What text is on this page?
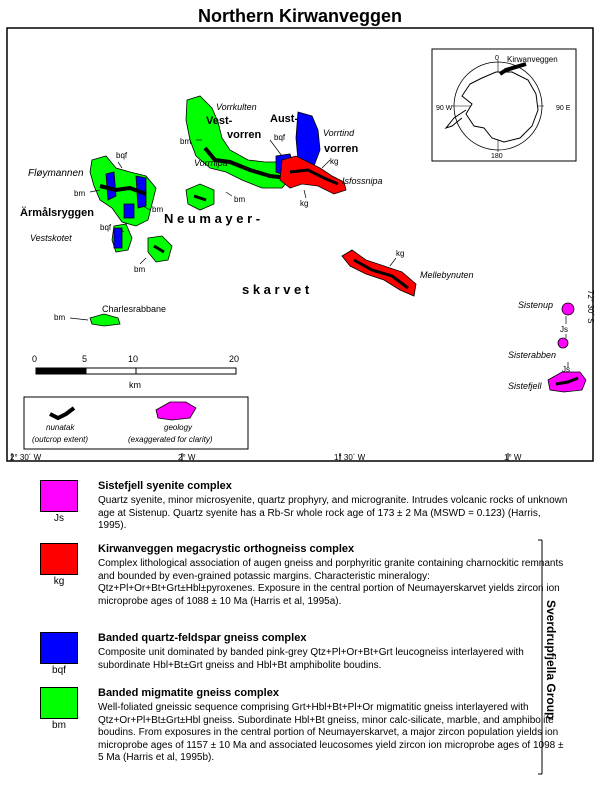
Northern Kirwanveggen
Vorrkulten
Vest-
vorren
Aust-
vorren
Vorrtind
Vorrnipa
Isfossnipa
Fløymannen
Ärmålsryggen
Vestskotet
N e u m a y e r -
s k a r v e t
Mellebynuten
Charlesrabbane	Sistenup
Sisterabben
Sistefjell
bqf
bm
bm
bqf
bm
bm
bm
bqf
kg
kg
kg
bm
Js
Js
72° 30´ S
2° 30´ W	2° W	1° 30´ W	1° W
0	5	10	20
km
nunatak
(outcrop extent)
geology
(exaggerated for clarity)
0 Kirwanveggen
90 W	90 E
180
Js
Sistefjell syenite complex
Quartz syenite, minor microsyenite, quartz prophyry, and microgranite. Intrudes volcanic rocks of unknown age at Sistenup. Quartz syenite has a Rb-Sr whole rock age of 173 ± 2 Ma (MSWD = 0.123) (Harris, 1995).
kg
Kirwanveggen megacrystic orthogneiss complex
Complex lithological association of augen gneiss and porphyritic granite containing charnockitic remnants and bounded by even-grained potassic margins. Characteristic mineralogy: Qtz+Pl+Or+Bt+Grt±Hbl±pyroxenes. Exposure in the central portion of Neumayerskarvet yields zircon ion microprobe ages of 1088 ± 10 Ma (Harris et al, 1995a).
bqf
Banded quartz-feldspar gneiss complex
Composite unit dominated by banded pink-grey Qtz+Pl+Or+Bt+Grt leucogneiss interlayered with subordinate Hbl+Bt±Grt gneiss and Hbl+Bt amphibolite boudins.
bm
Banded migmatite gneiss complex
Well-foliated gneissic sequence comprising Grt+Hbl+Bt+Pl+Or migmatitic gneiss interlayered with Qtz+Or+Pl+Bt±Grt±Hbl gneiss. Subordinate Hbl+Bt gneiss, minor calc-silicate, marble, and amphibolite boudins. From exposures in the central portion of Neumayerskarvet, a major zircon population yields ion microprobe ages of 1157 ± 10 Ma and associated leucosomes yield zircon ion microprobe ages of 1098 ± 5 Ma (Harris et al, 1995b).
Sverdrupfjella Group
